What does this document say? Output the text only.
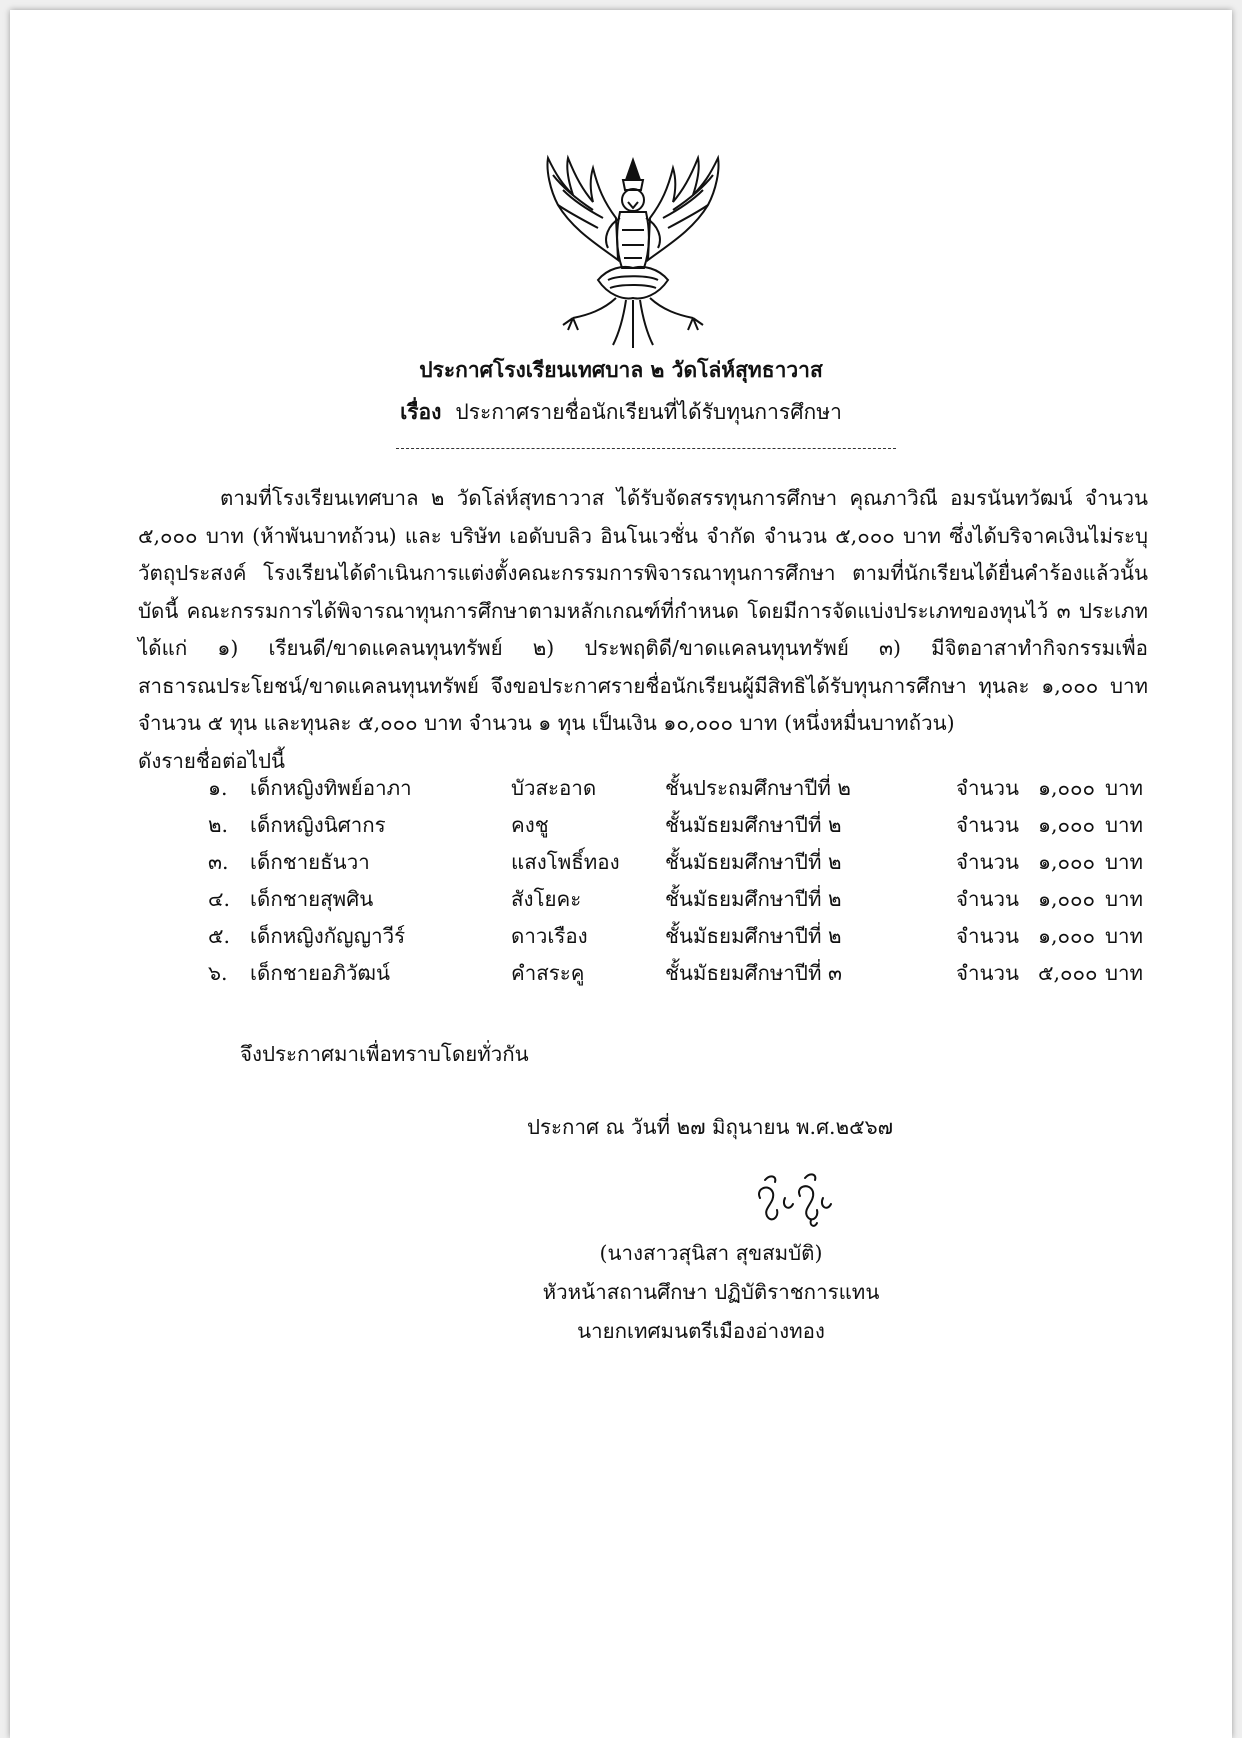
ประกาศโรงเรียนเทศบาล ๒ วัดโล่ห์สุทธาวาส
เรื่อง ประกาศรายชื่อนักเรียนที่ได้รับทุนการศึกษา

ตามที่โรงเรียนเทศบาล ๒ วัดโล่ห์สุทธาวาส ได้รับจัดสรรทุนการศึกษา คุณภาวิณี อมรนันทวัฒน์ จำนวน ๕,๐๐๐ บาท (ห้าพันบาทถ้วน) และ บริษัท เอดับบลิว อินโนเวชั่น จำกัด จำนวน ๕,๐๐๐ บาท ซึ่งได้บริจาคเงินไม่ระบุวัตถุประสงค์ โรงเรียนได้ดำเนินการแต่งตั้งคณะกรรมการพิจารณาทุนการศึกษา ตามที่นักเรียนได้ยื่นคำร้องแล้วนั้น บัดนี้ คณะกรรมการได้พิจารณาทุนการศึกษาตามหลักเกณฑ์ที่กำหนด โดยมีการจัดแบ่งประเภทของทุนไว้ ๓ ประเภท ได้แก่ ๑) เรียนดี/ขาดแคลนทุนทรัพย์ ๒) ประพฤติดี/ขาดแคลนทุนทรัพย์ ๓) มีจิตอาสาทำกิจกรรมเพื่อสาธารณประโยชน์/ขาดแคลนทุนทรัพย์ จึงขอประกาศรายชื่อนักเรียนผู้มีสิทธิได้รับทุนการศึกษา ทุนละ ๑,๐๐๐ บาท จำนวน ๕ ทุน และทุนละ ๕,๐๐๐ บาท จำนวน ๑ ทุน เป็นเงิน ๑๐,๐๐๐ บาท (หนึ่งหมื่นบาทถ้วน)

ดังรายชื่อต่อไปนี้

๑. เด็กหญิงทิพย์อาภา	บัวสะอาด	ชั้นประถมศึกษาปีที่ ๒	จำนวน ๑,๐๐๐ บาท
๒. เด็กหญิงนิศากร	คงชู	ชั้นมัธยมศึกษาปีที่ ๒	จำนวน ๑,๐๐๐ บาท
๓. เด็กชายธันวา	แสงโพธิ์ทอง ชั้นมัธยมศึกษาปีที่ ๒	จำนวน ๑,๐๐๐ บาท
๔. เด็กชายสุพศิน	สังโยคะ	ชั้นมัธยมศึกษาปีที่ ๒	จำนวน ๑,๐๐๐ บาท
๕. เด็กหญิงกัญญาวีร์	ดาวเรือง	ชั้นมัธยมศึกษาปีที่ ๒	จำนวน ๑,๐๐๐ บาท
๖. เด็กชายอภิวัฒน์	คำสระคู	ชั้นมัธยมศึกษาปีที่ ๓	จำนวน ๕,๐๐๐ บาท
จึงประกาศมาเพื่อทราบโดยทั่วกัน
ประกาศ ณ วันที่ ๒๗ มิถุนายน พ.ศ.๒๕๖๗
(นางสาวสุนิสา สุขสมบัติ)
หัวหน้าสถานศึกษา ปฏิบัติราชการแทน
นายกเทศมนตรีเมืองอ่างทอง
